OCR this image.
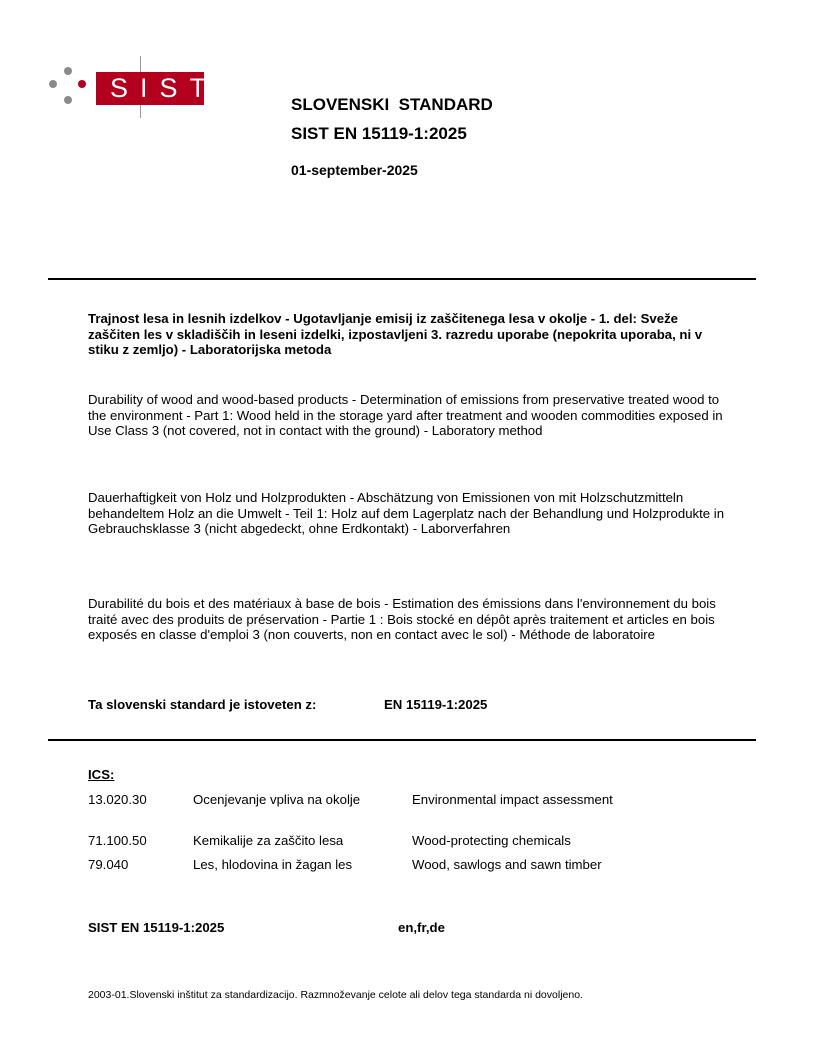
SIST
SLOVENSKI  STANDARD
SIST EN 15119-1:2025
01-september-2025
Trajnost lesa in lesnih izdelkov - Ugotavljanje emisij iz zaščitenega lesa v okolje - 1. del: Sveže zaščiten les v skladiščih in leseni izdelki, izpostavljeni 3. razredu uporabe (nepokrita uporaba, ni v stiku z zemljo) - Laboratorijska metoda
Durability of wood and wood-based products - Determination of emissions from preservative treated wood to the environment - Part 1: Wood held in the storage yard after treatment and wooden commodities exposed in Use Class 3 (not covered, not in contact with the ground) - Laboratory method
Dauerhaftigkeit von Holz und Holzprodukten - Abschätzung von Emissionen von mit Holzschutzmitteln behandeltem Holz an die Umwelt - Teil 1: Holz auf dem Lagerplatz nach der Behandlung und Holzprodukte in Gebrauchsklasse 3 (nicht abgedeckt, ohne Erdkontakt) - Laborverfahren
Durabilité du bois et des matériaux à base de bois - Estimation des émissions dans l'environnement du bois traité avec des produits de préservation - Partie 1 : Bois stocké en dépôt après traitement et articles en bois exposés en classe d'emploi 3 (non couverts, non en contact avec le sol) - Méthode de laboratoire
Ta slovenski standard je istoveten z:	EN 15119-1:2025
ICS:
13.020.30	Ocenjevanje vpliva na okolje	Environmental impact assessment
71.100.50	Kemikalije za zaščito lesa	Wood-protecting chemicals
79.040	Les, hlodovina in žagan les	Wood, sawlogs and sawn timber
SIST EN 15119-1:2025	en,fr,de
2003-01.Slovenski inštitut za standardizacijo. Razmnoževanje celote ali delov tega standarda ni dovoljeno.
